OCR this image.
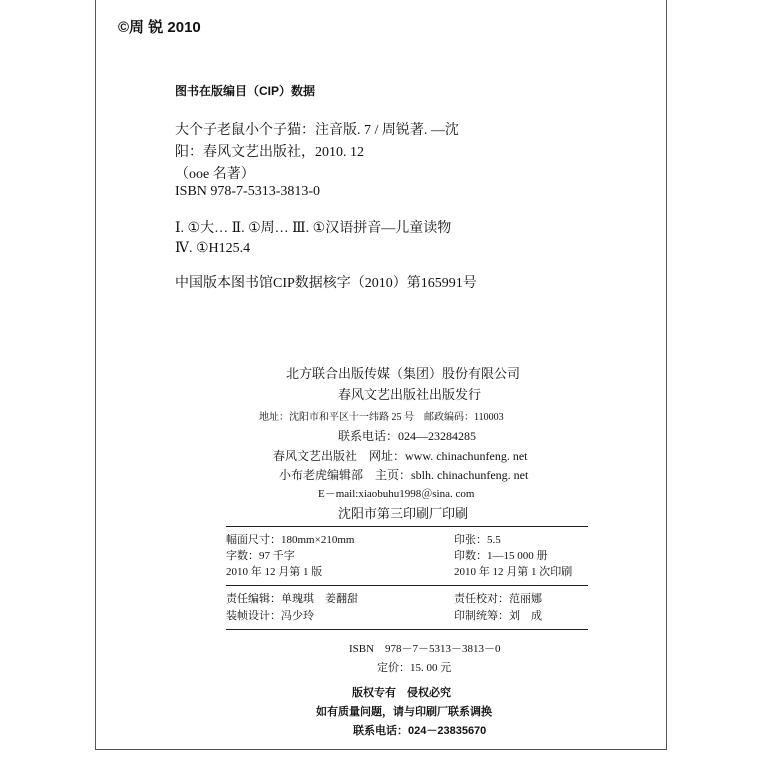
©周 锐 2010
图书在版编目（CIP）数据
大个子老鼠小个子猫：注音版. 7 / 周锐著. —沈
阳：春风文艺出版社，2010. 12
（ooe 名著）
ISBN 978-7-5313-3813-0
Ⅰ. ①大… Ⅱ. ①周… Ⅲ. ①汉语拼音—儿童读物
Ⅳ. ①H125.4
中国版本图书馆CIP数据核字（2010）第165991号
北方联合出版传媒（集团）股份有限公司
春风文艺出版社出版发行
地址：沈阳市和平区十一纬路 25 号　邮政编码：110003
联系电话：024—23284285
春风文艺出版社　网址：www. chinachunfeng. net
小布老虎编辑部　主页：sblh. chinachunfeng. net
E－mail:xiaobuhu1998＠sina. com
沈阳市第三印刷厂印刷
幅面尺寸：180mm×210mm	印张：5.5
字数：97 千字	印数：1—15 000 册
2010 年 12 月第 1 版	2010 年 12 月第 1 次印刷
责任编辑：单瑰琪　姜翻甜	责任校对：范丽娜
装帧设计：冯少玲	印制统筹：刘　成
ISBN　978－7－5313－3813－0
定价：15. 00 元
版权专有　侵权必究
如有质量问题，请与印刷厂联系调换
联系电话：024－23835670
